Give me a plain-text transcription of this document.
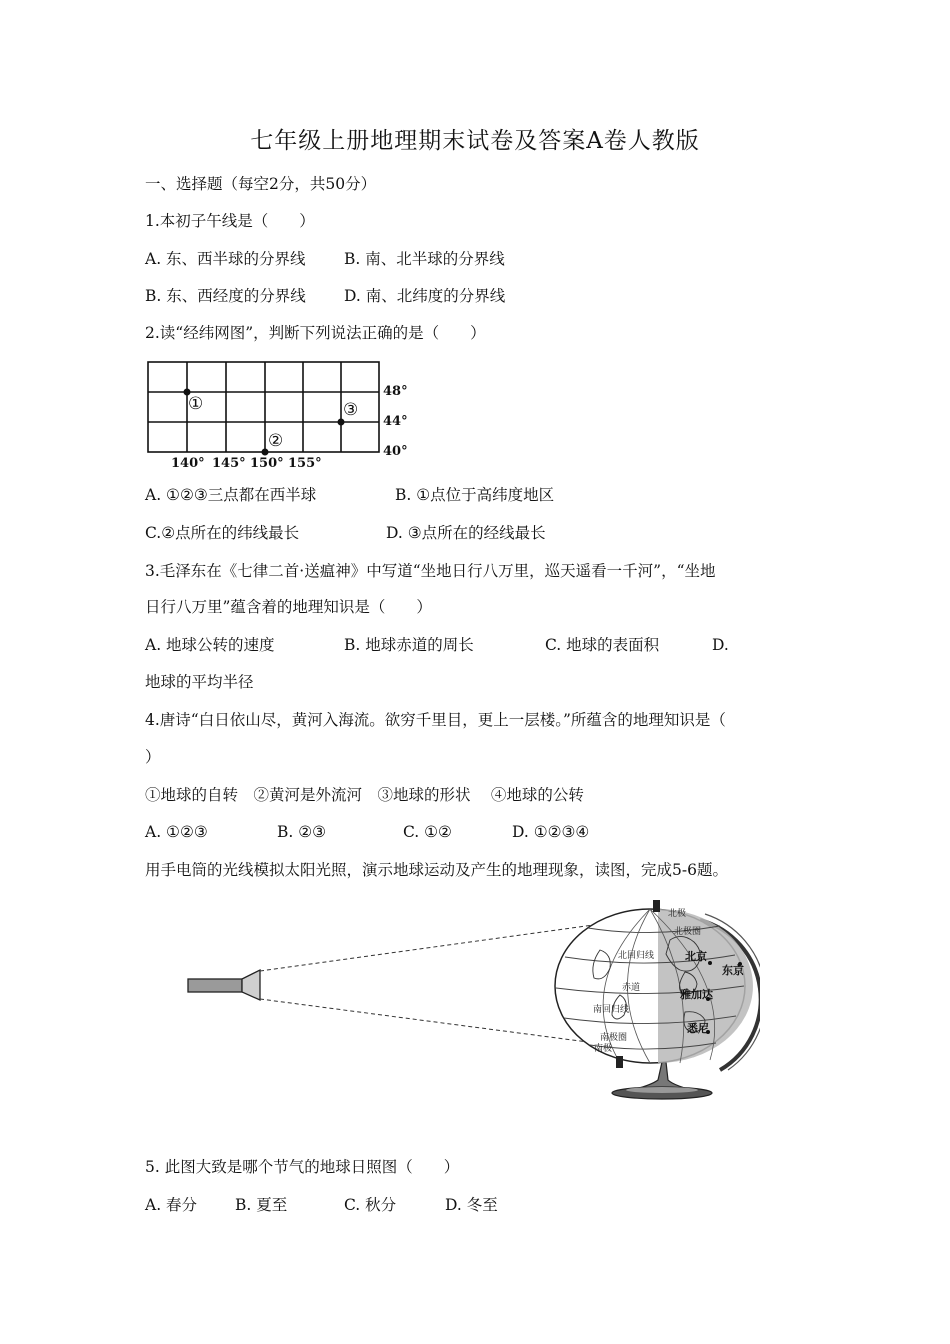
七年级上册地理期末试卷及答案A卷人教版
一、选择题（每空2分，共50分）
1.本初子午线是（　　）
A. 东、西半球的分界线 B. 南、北半球的分界线
B. 东、西经度的分界线 D. 南、北纬度的分界线
2.读“经纬网图”，判断下列说法正确的是（　　）
①
②
③
48°
44°
40°
140° 145° 150° 155°
A. ①②③三点都在西半球	B. ①点位于高纬度地区
C.②点所在的纬线最长	D. ③点所在的经线最长
3.毛泽东在《七律二首·送瘟神》中写道“坐地日行八万里，巡天遥看一千河”，“坐地
日行八万里”蕴含着的地理知识是（　　）
A. 地球公转的速度	B. 地球赤道的周长	C. 地球的表面积	D.
地球的平均半径
4.唐诗“白日依山尽，黄河入海流。欲穷千里目，更上一层楼。”所蕴含的地理知识是（
）
①地球的自转　②黄河是外流河　③地球的形状　 ④地球的公转
A. ①②③	B. ②③	C. ①②	D. ①②③④
用手电筒的光线模拟太阳光照，演示地球运动及产生的地理现象，读图，完成5-6题。
北极
北极圈
北回归线
赤道
南回归线
南极圈
南极
北京
东京
雅加达
悉尼
5. 此图大致是哪个节气的地球日照图（　　）
A. 春分 B. 夏至	C. 秋分	D. 冬至
